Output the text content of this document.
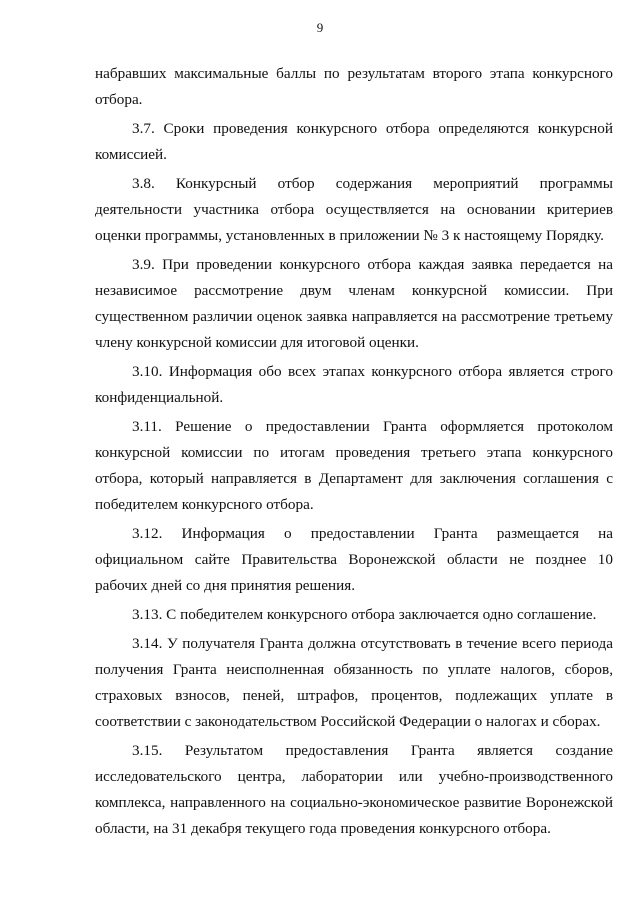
9

набравших максимальные баллы по результатам второго этапа конкурсного отбора.

3.7. Сроки проведения конкурсного отбора определяются конкурсной комиссией.

3.8. Конкурсный отбор содержания мероприятий программы деятельности участника отбора осуществляется на основании критериев оценки программы, установленных в приложении № 3 к настоящему Порядку.

3.9. При проведении конкурсного отбора каждая заявка передается на независимое рассмотрение двум членам конкурсной комиссии. При существенном различии оценок заявка направляется на рассмотрение третьему члену конкурсной комиссии для итоговой оценки.

3.10. Информация обо всех этапах конкурсного отбора является строго конфиденциальной.

3.11. Решение о предоставлении Гранта оформляется протоколом конкурсной комиссии по итогам проведения третьего этапа конкурсного отбора, который направляется в Департамент для заключения соглашения с победителем конкурсного отбора.

3.12. Информация о предоставлении Гранта размещается на официальном сайте Правительства Воронежской области не позднее 10 рабочих дней со дня принятия решения.

3.13. С победителем конкурсного отбора заключается одно соглашение.

3.14. У получателя Гранта должна отсутствовать в течение всего периода получения Гранта неисполненная обязанность по уплате налогов, сборов, страховых взносов, пеней, штрафов, процентов, подлежащих уплате в соответствии с законодательством Российской Федерации о налогах и сборах.

3.15. Результатом предоставления Гранта является создание исследовательского центра, лаборатории или учебно-производственного комплекса, направленного на социально-экономическое развитие Воронежской области, на 31 декабря текущего года проведения конкурсного отбора.
